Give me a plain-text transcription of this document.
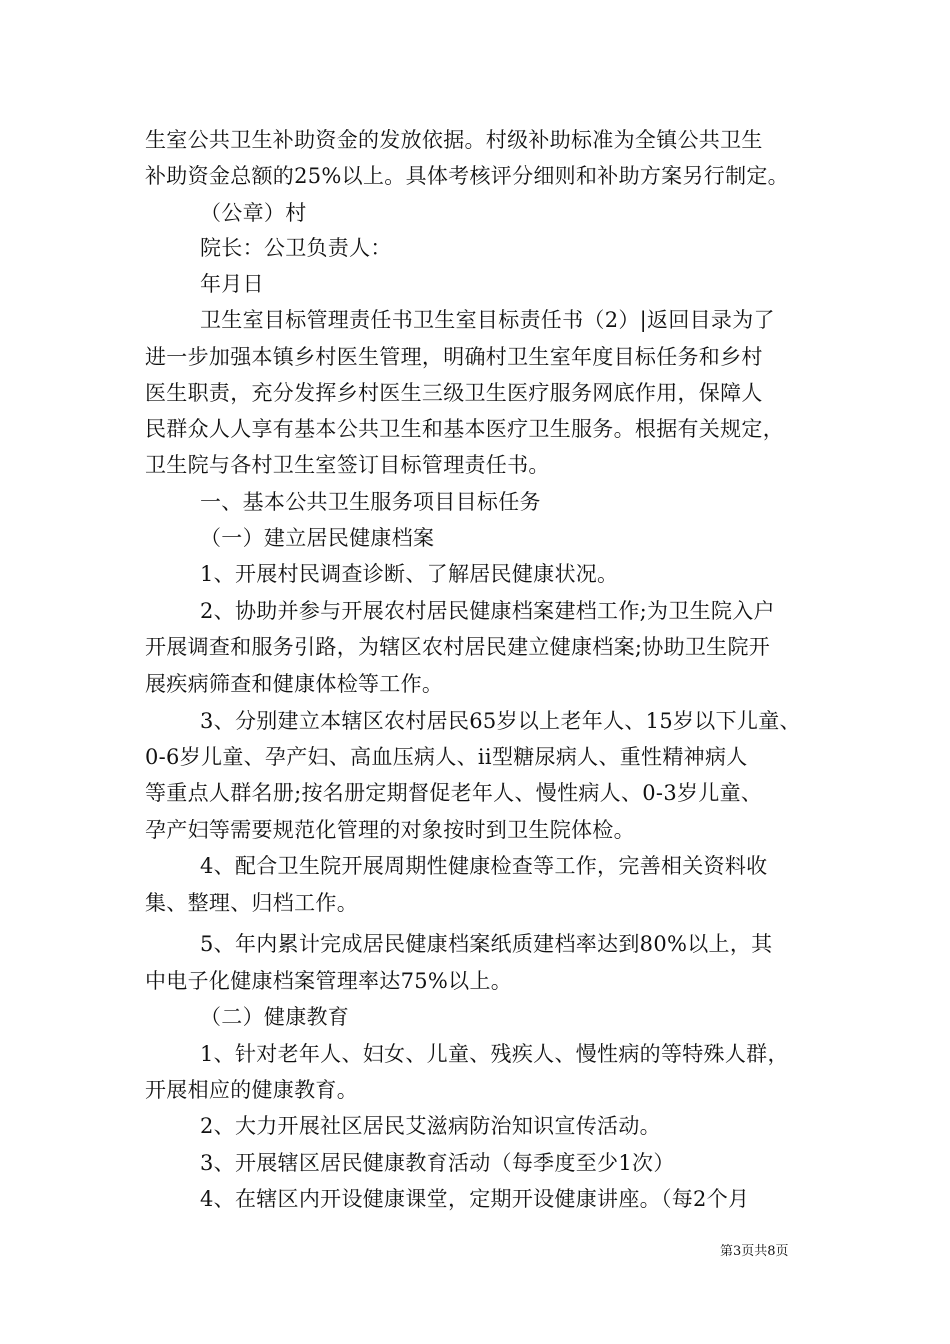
生室公共卫生补助资金的发放依据。村级补助标准为全镇公共卫生
补助资金总额的25%以上。具体考核评分细则和补助方案另行制定。
（公章）村
院长：公卫负责人：
年月日
卫生室目标管理责任书卫生室目标责任书（2）|返回目录为了
进一步加强本镇乡村医生管理，明确村卫生室年度目标任务和乡村
医生职责，充分发挥乡村医生三级卫生医疗服务网底作用，保障人
民群众人人享有基本公共卫生和基本医疗卫生服务。根据有关规定，
卫生院与各村卫生室签订目标管理责任书。
一、基本公共卫生服务项目目标任务
（一）建立居民健康档案
1、开展村民调查诊断、了解居民健康状况。
2、协助并参与开展农村居民健康档案建档工作;为卫生院入户
开展调查和服务引路，为辖区农村居民建立健康档案;协助卫生院开
展疾病筛查和健康体检等工作。
3、分别建立本辖区农村居民65岁以上老年人、15岁以下儿童、
0-6岁儿童、孕产妇、高血压病人、ii型糖尿病人、重性精神病人
等重点人群名册;按名册定期督促老年人、慢性病人、0-3岁儿童、
孕产妇等需要规范化管理的对象按时到卫生院体检。
4、配合卫生院开展周期性健康检查等工作，完善相关资料收
集、整理、归档工作。
5、年内累计完成居民健康档案纸质建档率达到80%以上，其
中电子化健康档案管理率达75%以上。
（二）健康教育
1、针对老年人、妇女、儿童、残疾人、慢性病的等特殊人群，
开展相应的健康教育。
2、大力开展社区居民艾滋病防治知识宣传活动。
3、开展辖区居民健康教育活动（每季度至少1次）
4、在辖区内开设健康课堂，定期开设健康讲座。（每2个月
第3页共8页
